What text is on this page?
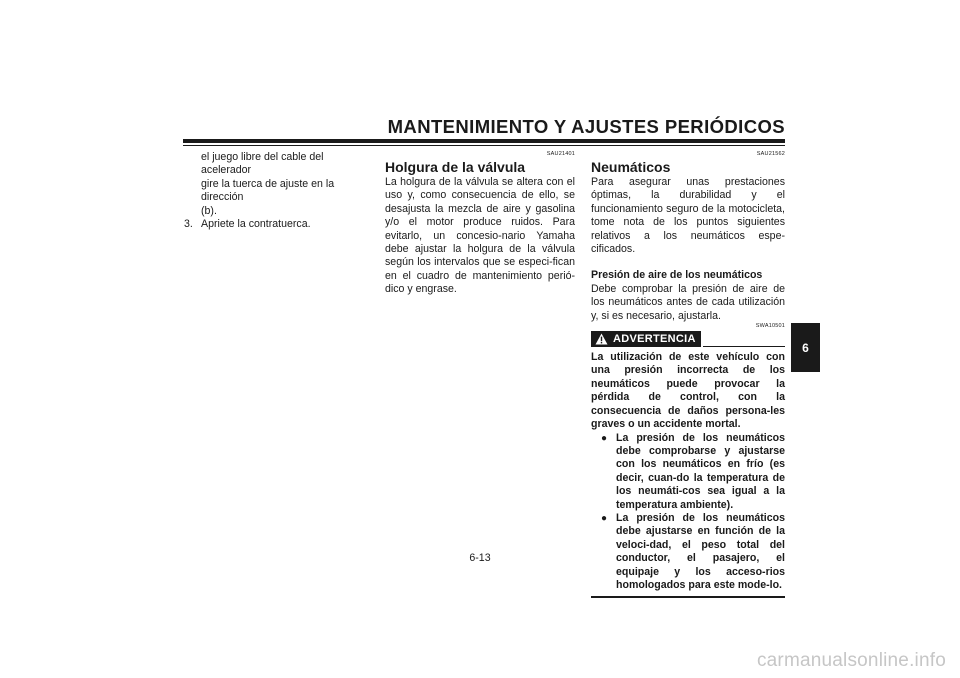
MANTENIMIENTO Y AJUSTES PERIÓDICOS
el juego libre del cable del acelerador
gire la tuerca de ajuste en la dirección
(b).
3. Apriete la contratuerca.
SAU21401
Holgura de la válvula
La holgura de la válvula se altera con el uso y, como consecuencia de ello, se desajusta la mezcla de aire y gasolina y/o el motor produce ruidos. Para evitarlo, un concesio-nario Yamaha debe ajustar la holgura de la válvula según los intervalos que se especi-fican en el cuadro de mantenimiento perió-dico y engrase.
SAU21562
Neumáticos
Para asegurar unas prestaciones óptimas, la durabilidad y el funcionamiento seguro de la motocicleta, tome nota de los puntos siguientes relativos a los neumáticos espe-cificados.
Presión de aire de los neumáticos
Debe comprobar la presión de aire de los neumáticos antes de cada utilización y, si es necesario, ajustarla.
SWA10501
ADVERTENCIA
La utilización de este vehículo con una presión incorrecta de los neumáticos puede provocar la pérdida de control, con la consecuencia de daños persona-les graves o un accidente mortal.
● La presión de los neumáticos debe comprobarse y ajustarse con los neumáticos en frío (es decir, cuan-do la temperatura de los neumáti-cos sea igual a la temperatura ambiente).
● La presión de los neumáticos debe ajustarse en función de la veloci-dad, el peso total del conductor, el pasajero, el equipaje y los acceso-rios homologados para este mode-lo.
6
6-13
carmanualsonline.info
